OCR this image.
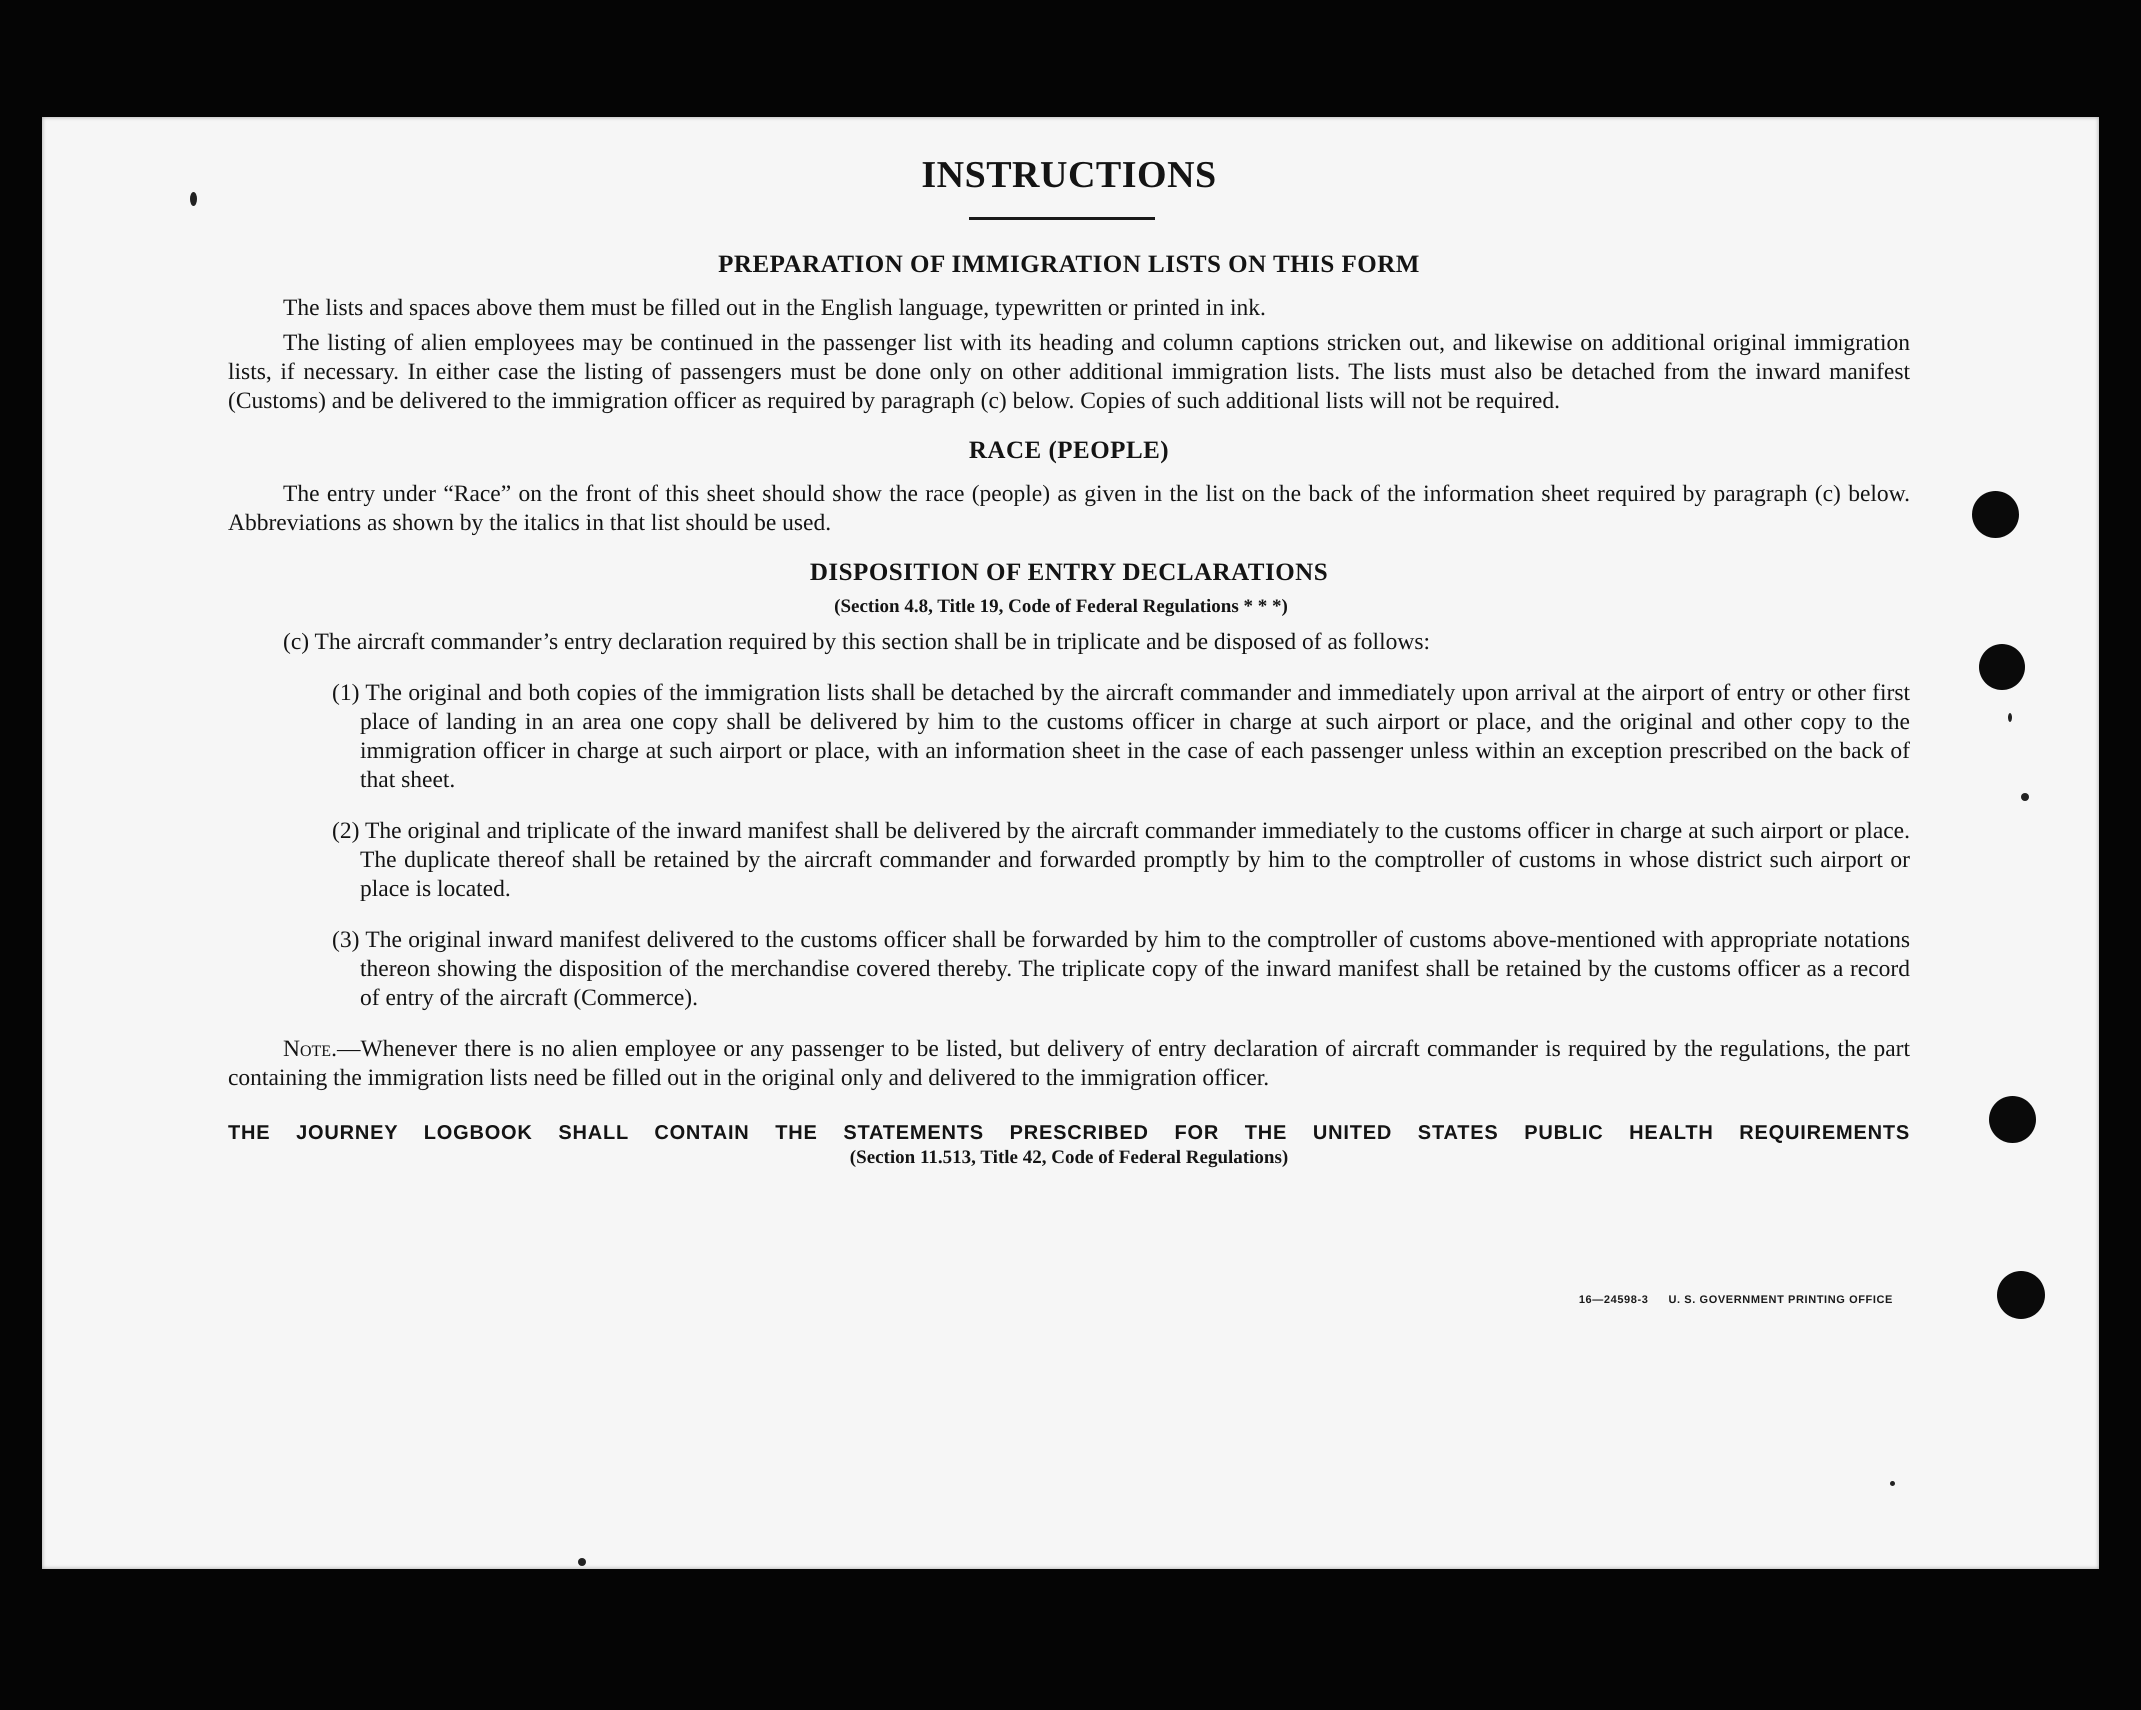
INSTRUCTIONS
PREPARATION OF IMMIGRATION LISTS ON THIS FORM

The lists and spaces above them must be filled out in the English language, typewritten or printed in ink.

The listing of alien employees may be continued in the passenger list with its heading and column captions stricken out, and likewise on additional original immigration lists, if necessary. In either case the listing of passengers must be done only on other additional immigration lists. The lists must also be detached from the inward manifest (Customs) and be delivered to the immigration officer as required by paragraph (c) below. Copies of such additional lists will not be required.

RACE (PEOPLE)

The entry under “Race” on the front of this sheet should show the race (people) as given in the list on the back of the information sheet required by paragraph (c) below. Abbreviations as shown by the italics in that list should be used.

DISPOSITION OF ENTRY DECLARATIONS
(Section 4.8, Title 19, Code of Federal Regulations * * *)

(c) The aircraft commander’s entry declaration required by this section shall be in triplicate and be disposed of as follows:

(1) The original and both copies of the immigration lists shall be detached by the aircraft commander and immediately upon arrival at the airport of entry or other first place of landing in an area one copy shall be delivered by him to the customs officer in charge at such airport or place, and the original and other copy to the immigration officer in charge at such airport or place, with an information sheet in the case of each passenger unless within an exception prescribed on the back of that sheet.

(2) The original and triplicate of the inward manifest shall be delivered by the aircraft commander immediately to the customs officer in charge at such airport or place. The duplicate thereof shall be retained by the aircraft commander and forwarded promptly by him to the comptroller of customs in whose district such airport or place is located.

(3) The original inward manifest delivered to the customs officer shall be forwarded by him to the comptroller of customs above-mentioned with appropriate notations thereon showing the disposition of the merchandise covered thereby. The triplicate copy of the inward manifest shall be retained by the customs officer as a record of entry of the aircraft (Commerce).

Note.—Whenever there is no alien employee or any passenger to be listed, but delivery of entry declaration of aircraft commander is required by the regulations, the part containing the immigration lists need be filled out in the original only and delivered to the immigration officer.

THE JOURNEY LOGBOOK SHALL CONTAIN THE STATEMENTS PRESCRIBED FOR THE UNITED STATES PUBLIC HEALTH REQUIREMENTS
(Section 11.513, Title 42, Code of Federal Regulations)
16—24598-3 U. S. GOVERNMENT PRINTING OFFICE
